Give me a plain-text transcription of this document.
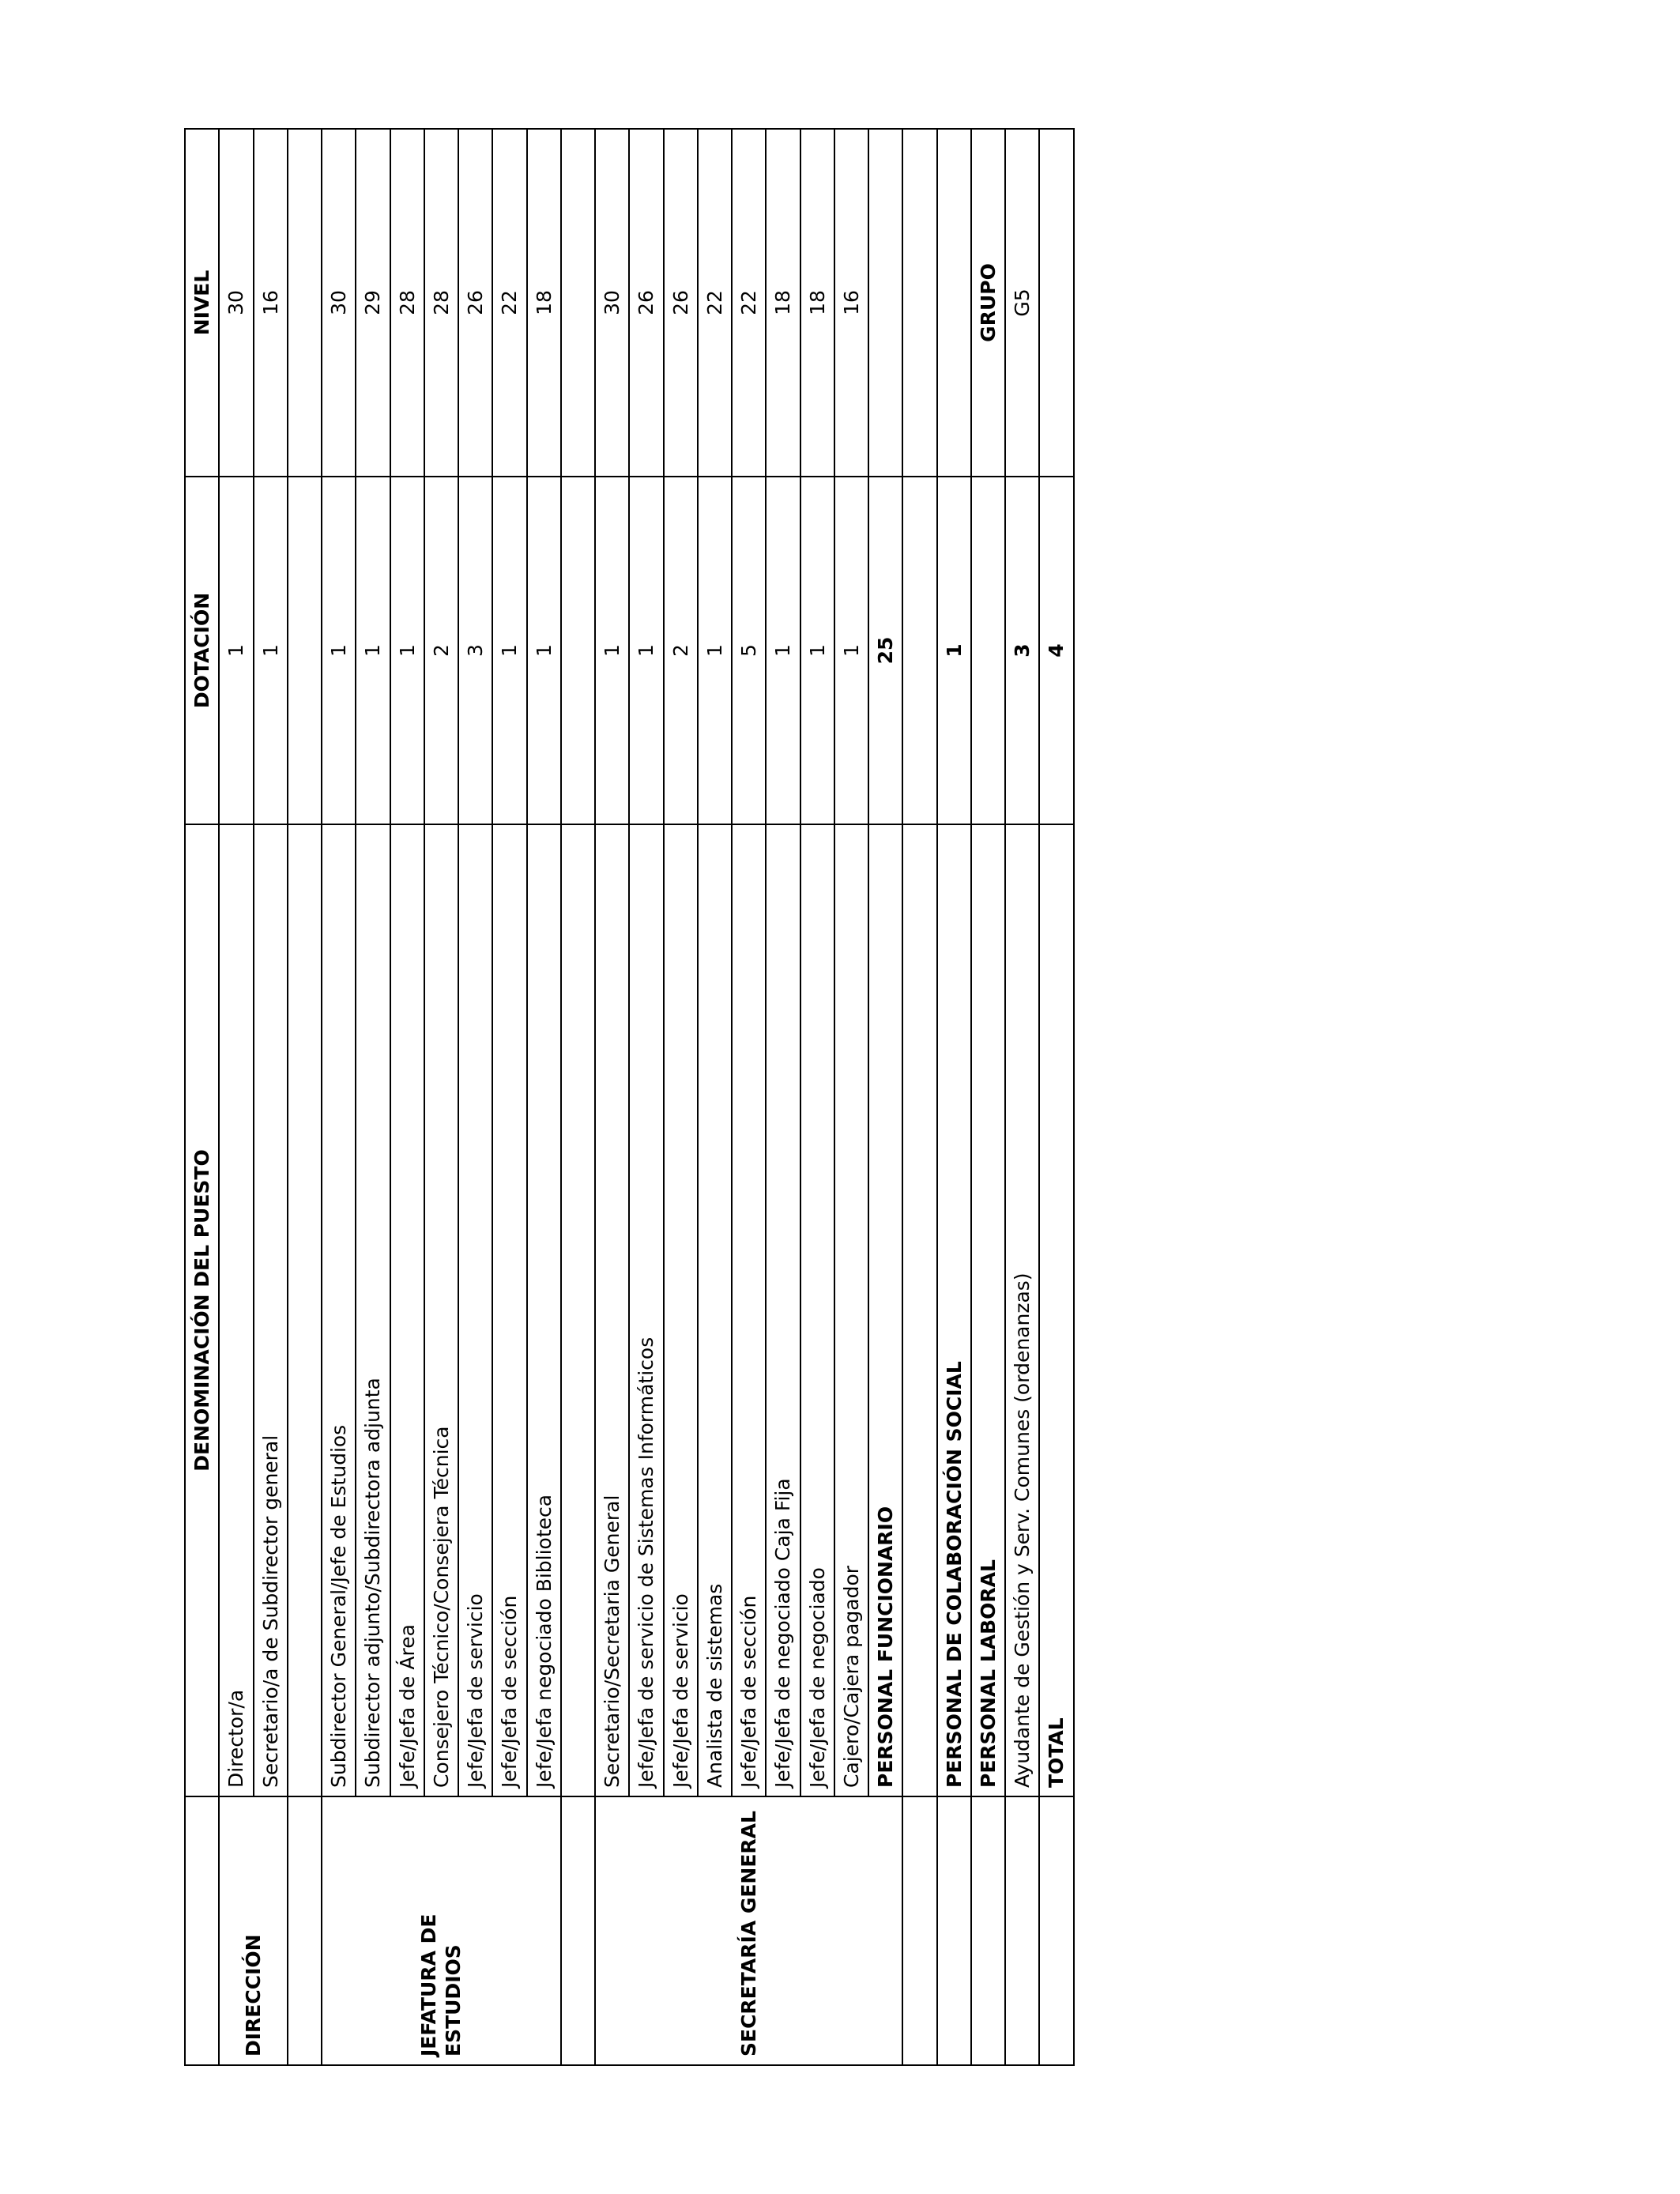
	DENOMINACIÓN DEL PUESTO	DOTACIÓN	NIVEL
DIRECCIÓN	Director/a	1	30
	Secretario/a de Subdirector general	1	16

JEFATURA DE ESTUDIOS	Subdirector General/Jefe de Estudios	1	30
	Subdirector adjunto/Subdirectora adjunta	1	29
	Jefe/Jefa de Área	1	28
	Consejero Técnico/Consejera Técnica	2	28
	Jefe/Jefa de servicio	3	26
	Jefe/Jefa de sección	1	22
	Jefe/Jefa negociado Biblioteca	1	18

SECRETARÍA GENERAL	Secretario/Secretaria General	1	30
	Jefe/Jefa de servicio de Sistemas Informáticos	1	26
	Jefe/Jefa de servicio	2	26
	Analista de sistemas	1	22
	Jefe/Jefa de sección	5	22
	Jefe/Jefa de negociado Caja Fija	1	18
	Jefe/Jefa de negociado	1	18
	Cajero/Cajera pagador	1	16
	PERSONAL FUNCIONARIO	25	

	PERSONAL DE COLABORACIÓN SOCIAL	1	
	PERSONAL LABORAL		GRUPO
	Ayudante de Gestión y Serv. Comunes (ordenanzas)	3	G5
	TOTAL	4	
